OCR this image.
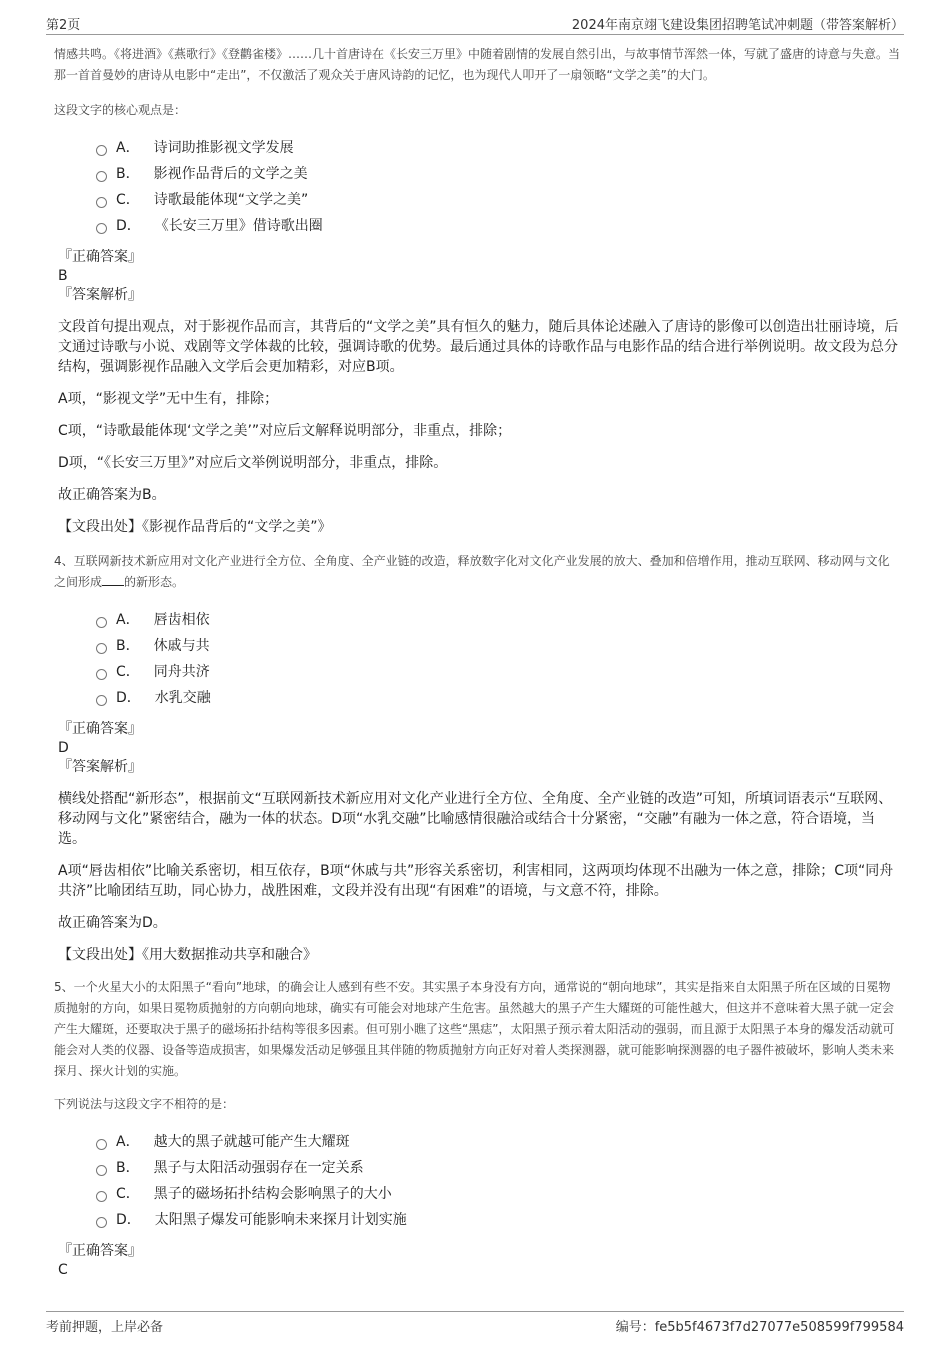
第2页	2024年南京翊飞建设集团招聘笔试冲刺题（带答案解析）

情感共鸣。《将进酒》《燕歌行》《登鹳雀楼》……几十首唐诗在《长安三万里》中随着剧情的发展自然引出，与故事情节浑然一体，写就了盛唐的诗意与失意。当那一首首曼妙的唐诗从电影中“走出”，不仅激活了观众关于唐风诗韵的记忆，也为现代人叩开了一扇领略“文学之美”的大门。

这段文字的核心观点是：

A． 诗词助推影视文学发展
B． 影视作品背后的文学之美
C． 诗歌最能体现“文学之美”
D． 《长安三万里》借诗歌出圈

『正确答案』

B

『答案解析』

文段首句提出观点，对于影视作品而言，其背后的“文学之美”具有恒久的魅力，随后具体论述融入了唐诗的影像可以创造出壮丽诗境，后文通过诗歌与小说、戏剧等文学体裁的比较，强调诗歌的优势。最后通过具体的诗歌作品与电影作品的结合进行举例说明。故文段为总分结构，强调影视作品融入文学后会更加精彩，对应B项。

A项，“影视文学”无中生有，排除；

C项，“诗歌最能体现‘文学之美’”对应后文解释说明部分，非重点，排除；

D项，“《长安三万里》”对应后文举例说明部分，非重点，排除。

故正确答案为B。

【文段出处】《影视作品背后的“文学之美”》

4、互联网新技术新应用对文化产业进行全方位、全角度、全产业链的改造，释放数字化对文化产业发展的放大、叠加和倍增作用，推动互联网、移动网与文化之间形成 的新形态。

A． 唇齿相依
B． 休戚与共
C． 同舟共济
D． 水乳交融

『正确答案』

D

『答案解析』

横线处搭配“新形态”，根据前文“互联网新技术新应用对文化产业进行全方位、全角度、全产业链的改造”可知，所填词语表示“互联网、移动网与文化”紧密结合，融为一体的状态。D项“水乳交融”比喻感情很融洽或结合十分紧密，“交融”有融为一体之意，符合语境，当选。

A项“唇齿相依”比喻关系密切，相互依存，B项“休戚与共”形容关系密切，利害相同，这两项均体现不出融为一体之意，排除；C项“同舟共济”比喻团结互助，同心协力，战胜困难，文段并没有出现“有困难”的语境，与文意不符，排除。

故正确答案为D。

【文段出处】《用大数据推动共享和融合》

5、一个火星大小的太阳黑子“看向”地球，的确会让人感到有些不安。其实黑子本身没有方向，通常说的“朝向地球”，其实是指来自太阳黑子所在区域的日冕物质抛射的方向，如果日冕物质抛射的方向朝向地球，确实有可能会对地球产生危害。虽然越大的黑子产生大耀斑的可能性越大，但这并不意味着大黑子就一定会产生大耀斑，还要取决于黑子的磁场拓扑结构等很多因素。但可别小瞧了这些“黑痣”，太阳黑子预示着太阳活动的强弱，而且源于太阳黑子本身的爆发活动就可能会对人类的仪器、设备等造成损害，如果爆发活动足够强且其伴随的物质抛射方向正好对着人类探测器，就可能影响探测器的电子器件被破坏，影响人类未来探月、探火计划的实施。

下列说法与这段文字不相符的是：

A． 越大的黑子就越可能产生大耀斑
B． 黑子与太阳活动强弱存在一定关系
C． 黑子的磁场拓扑结构会影响黑子的大小
D． 太阳黑子爆发可能影响未来探月计划实施

『正确答案』

C

考前押题，上岸必备	编号：fe5b5f4673f7d27077e508599f799584
